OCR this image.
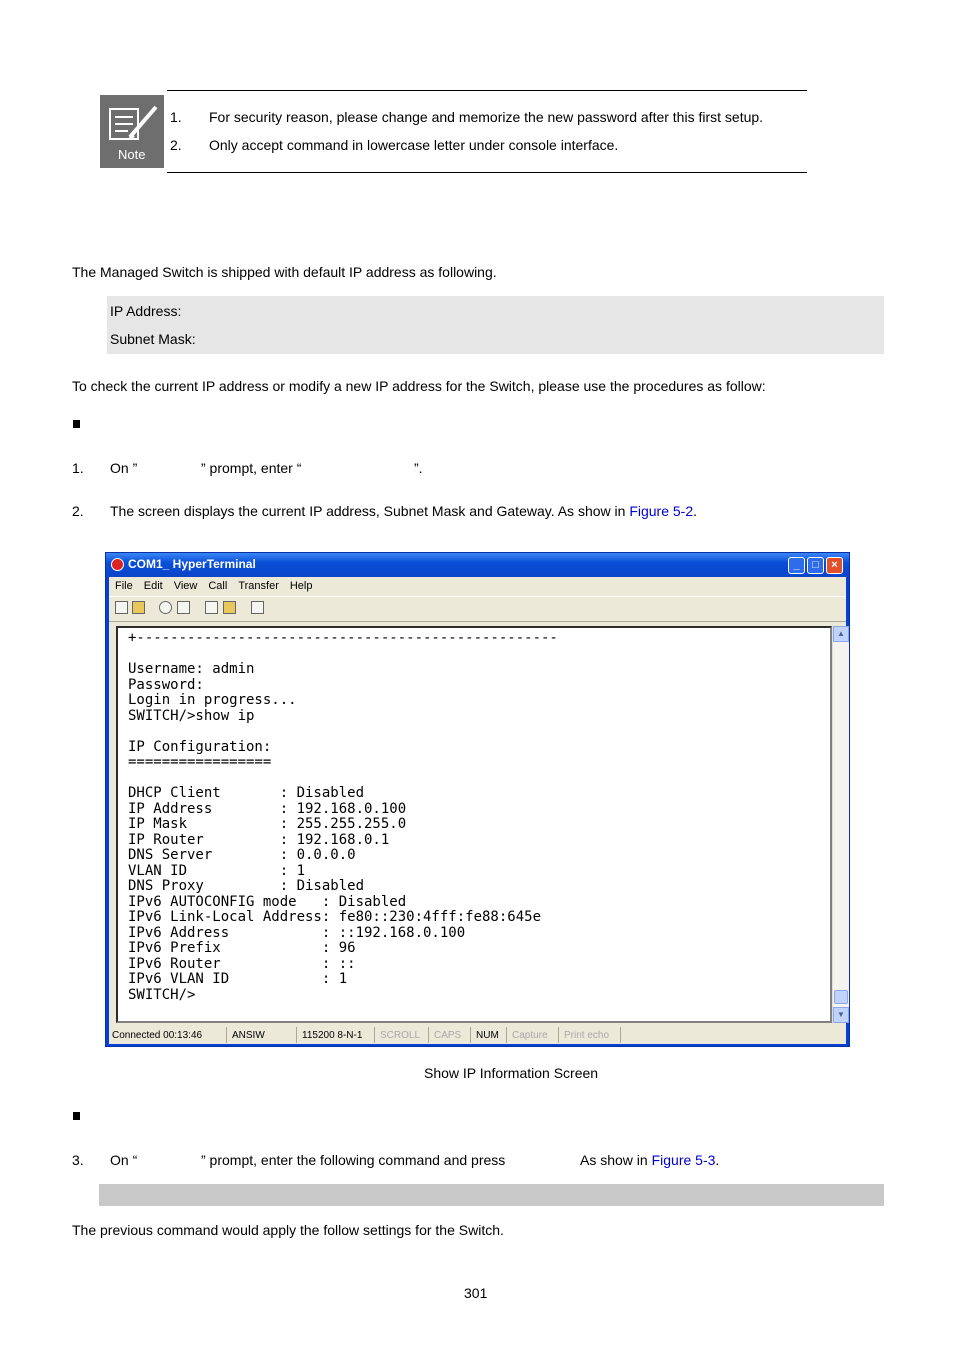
Note
1. For security reason, please change and memorize the new password after this first setup.
2. Only accept command in lowercase letter under console interface.
The Managed Switch is shipped with default IP address as following.
IP Address:
Subnet Mask:
To check the current IP address or modify a new IP address for the Switch, please use the procedures as follow:
1. On ”	” prompt, enter “	”.
2. The screen displays the current IP address, Subnet Mask and Gateway. As show in Figure 5-2.
COM1_ HyperTerminal	_	□	×
File Edit View Call Transfer Help
+--------------------------------------------------
Username: admin
Password:
Login in progress...
SWITCH/>show ip
IP Configuration:
=================
DHCP Client       : Disabled
IP Address        : 192.168.0.100
IP Mask           : 255.255.255.0
IP Router         : 192.168.0.1
DNS Server        : 0.0.0.0
VLAN ID           : 1
DNS Proxy         : Disabled
IPv6 AUTOCONFIG mode   : Disabled
IPv6 Link-Local Address: fe80::230:4fff:fe88:645e
IPv6 Address           : ::192.168.0.100
IPv6 Prefix            : 96
IPv6 Router            : ::
IPv6 VLAN ID           : 1
SWITCH/>
▲
▼
Connected 00:13:46	ANSIW	115200 8-N-1	SCROLL	CAPS	NUM	Capture	Print echo
Show IP Information Screen
3. On “	” prompt, enter the following command and press	As show in Figure 5-3.
The previous command would apply the follow settings for the Switch.
301
